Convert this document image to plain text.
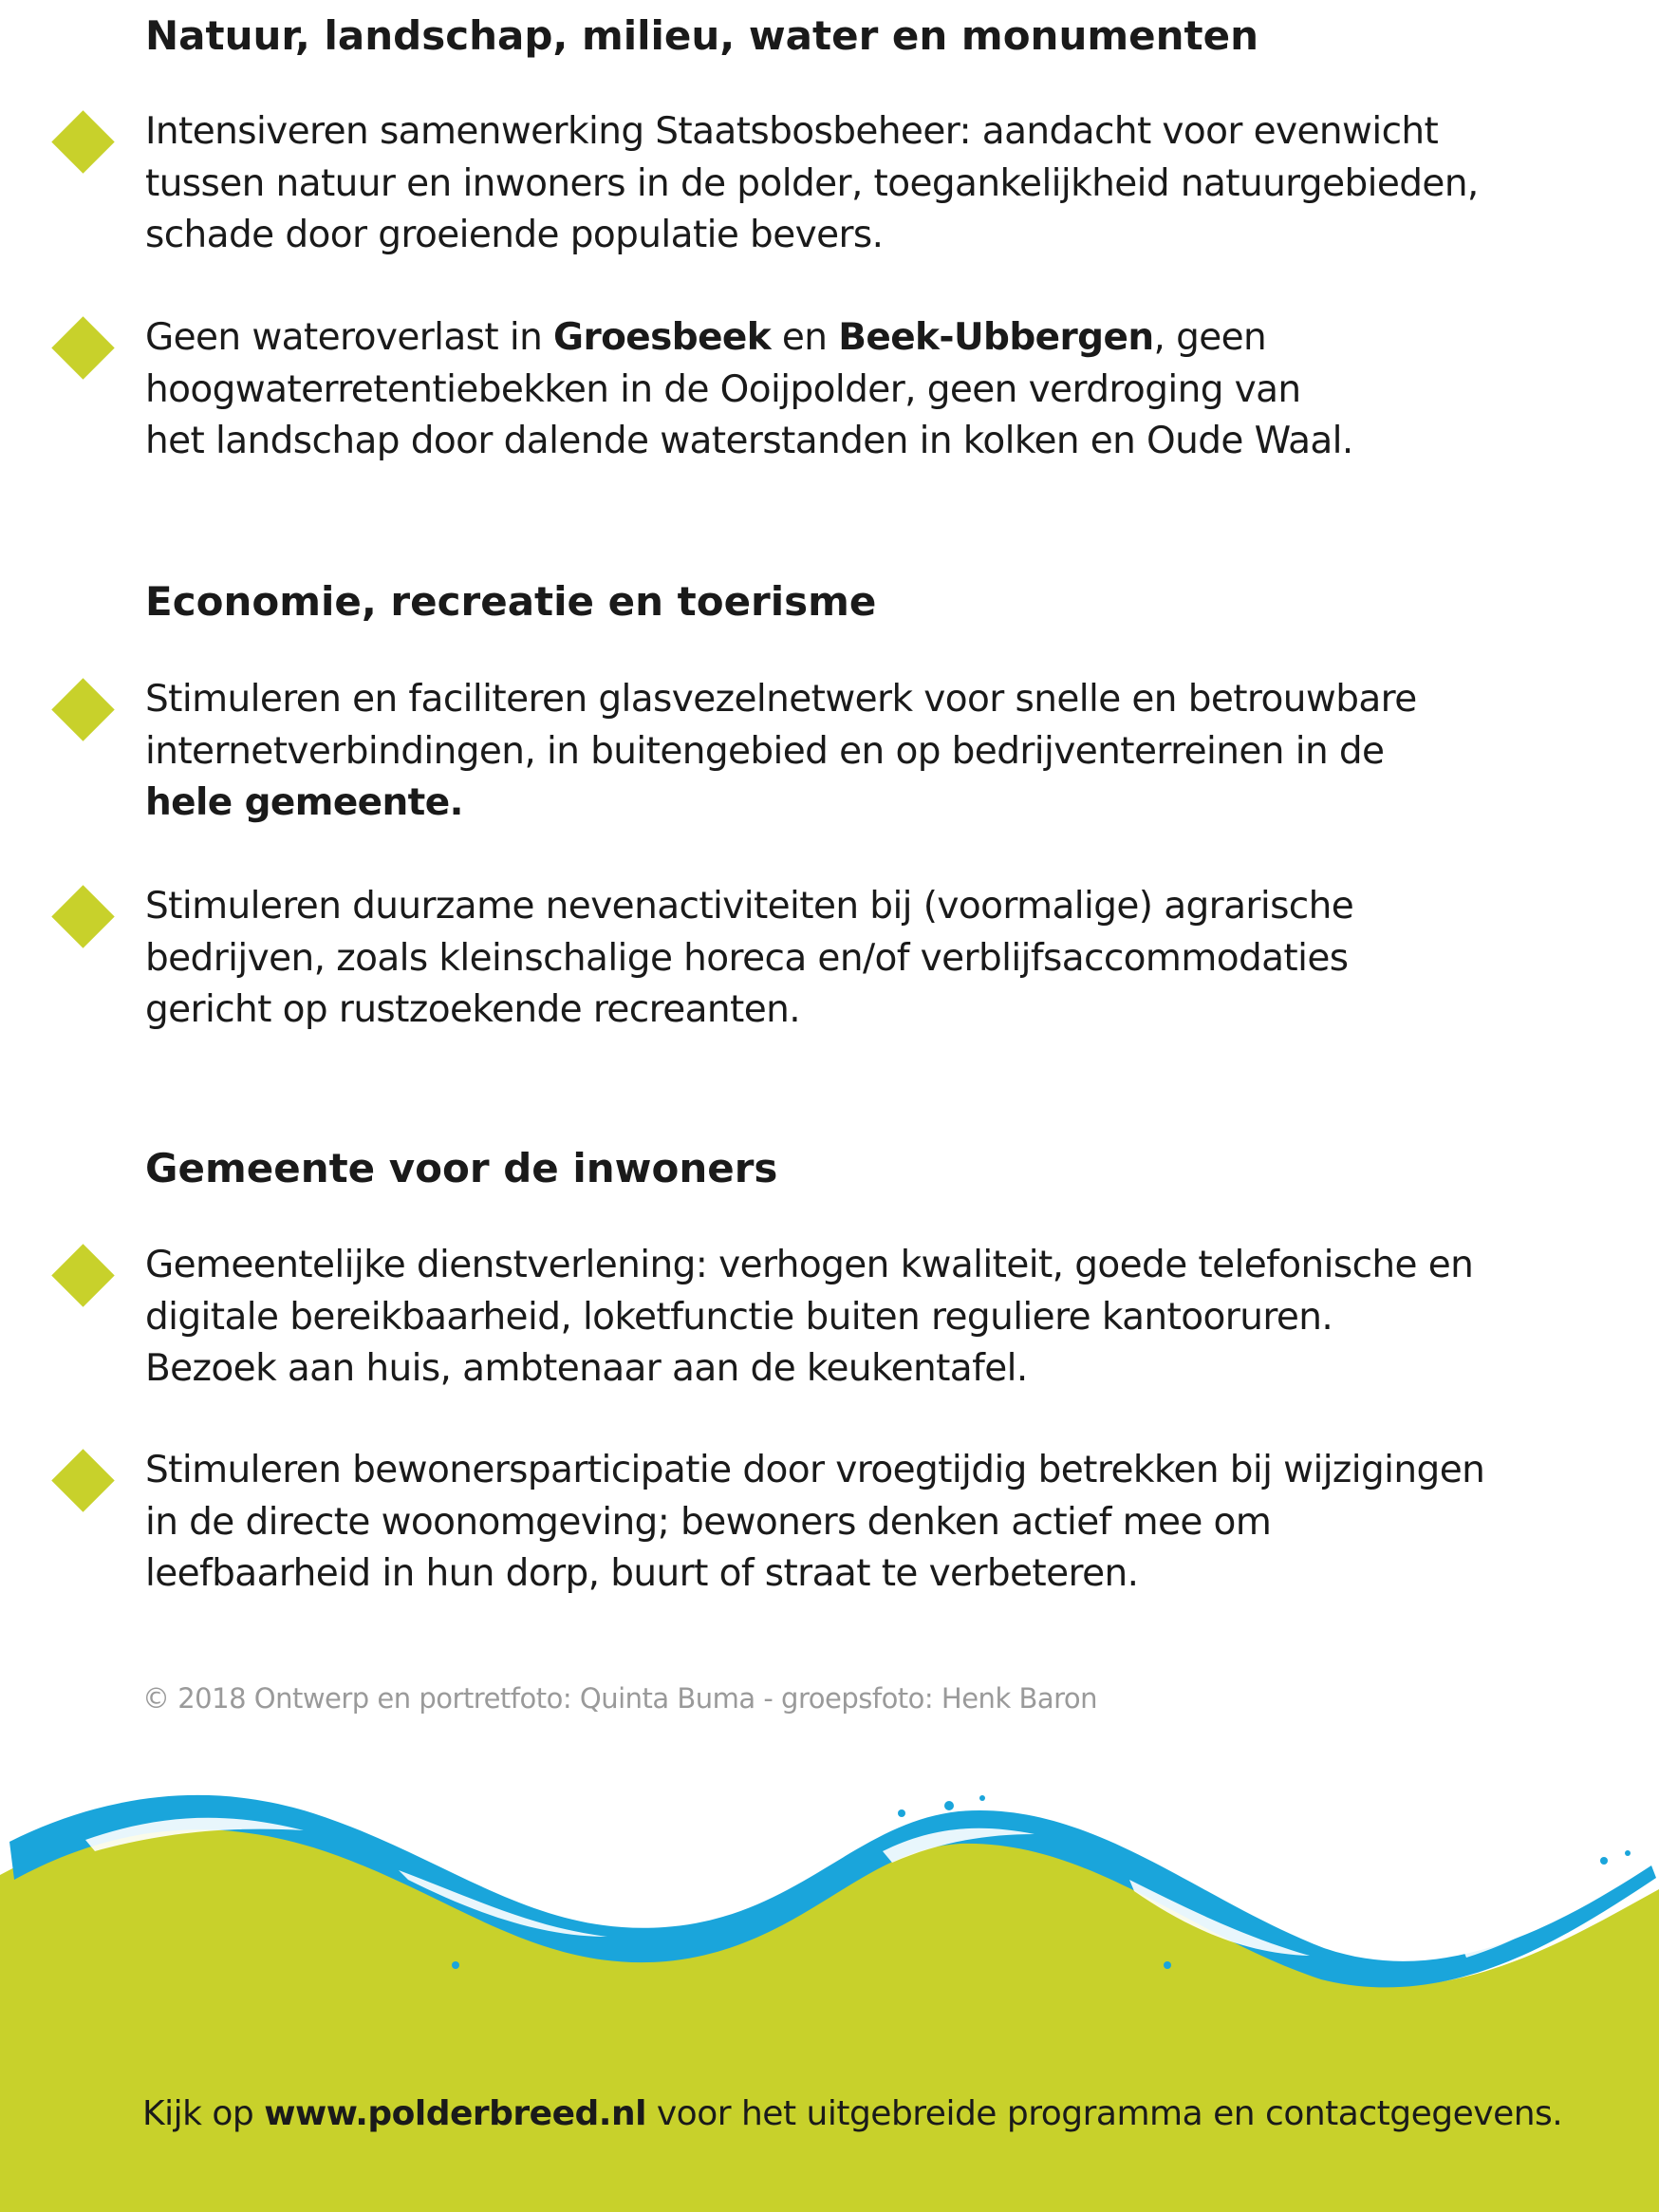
Natuur, landschap, milieu, water en monumenten

Intensiveren samenwerking Staatsbosbeheer: aandacht voor evenwicht
tussen natuur en inwoners in de polder, toegankelijkheid natuurgebieden,
schade door groeiende populatie bevers.

Geen wateroverlast in Groesbeek en Beek-Ubbergen, geen
hoogwaterretentiebekken in de Ooijpolder, geen verdroging van
het landschap door dalende waterstanden in kolken en Oude Waal.

Economie, recreatie en toerisme

Stimuleren en faciliteren glasvezelnetwerk voor snelle en betrouwbare
internetverbindingen, in buitengebied en op bedrijventerreinen in de
hele gemeente.

Stimuleren duurzame nevenactiviteiten bij (voormalige) agrarische
bedrijven, zoals kleinschalige horeca en/of verblijfsaccommodaties
gericht op rustzoekende recreanten.

Gemeente voor de inwoners

Gemeentelijke dienstverlening: verhogen kwaliteit, goede telefonische en
digitale bereikbaarheid, loketfunctie buiten reguliere kantooruren.
Bezoek aan huis, ambtenaar aan de keukentafel.

Stimuleren bewonersparticipatie door vroegtijdig betrekken bij wijzigingen
in de directe woonomgeving; bewoners denken actief mee om
leefbaarheid in hun dorp, buurt of straat te verbeteren.

© 2018 Ontwerp en portretfoto: Quinta Buma - groepsfoto: Henk Baron
Kijk op www.polderbreed.nl voor het uitgebreide programma en contactgegevens.
